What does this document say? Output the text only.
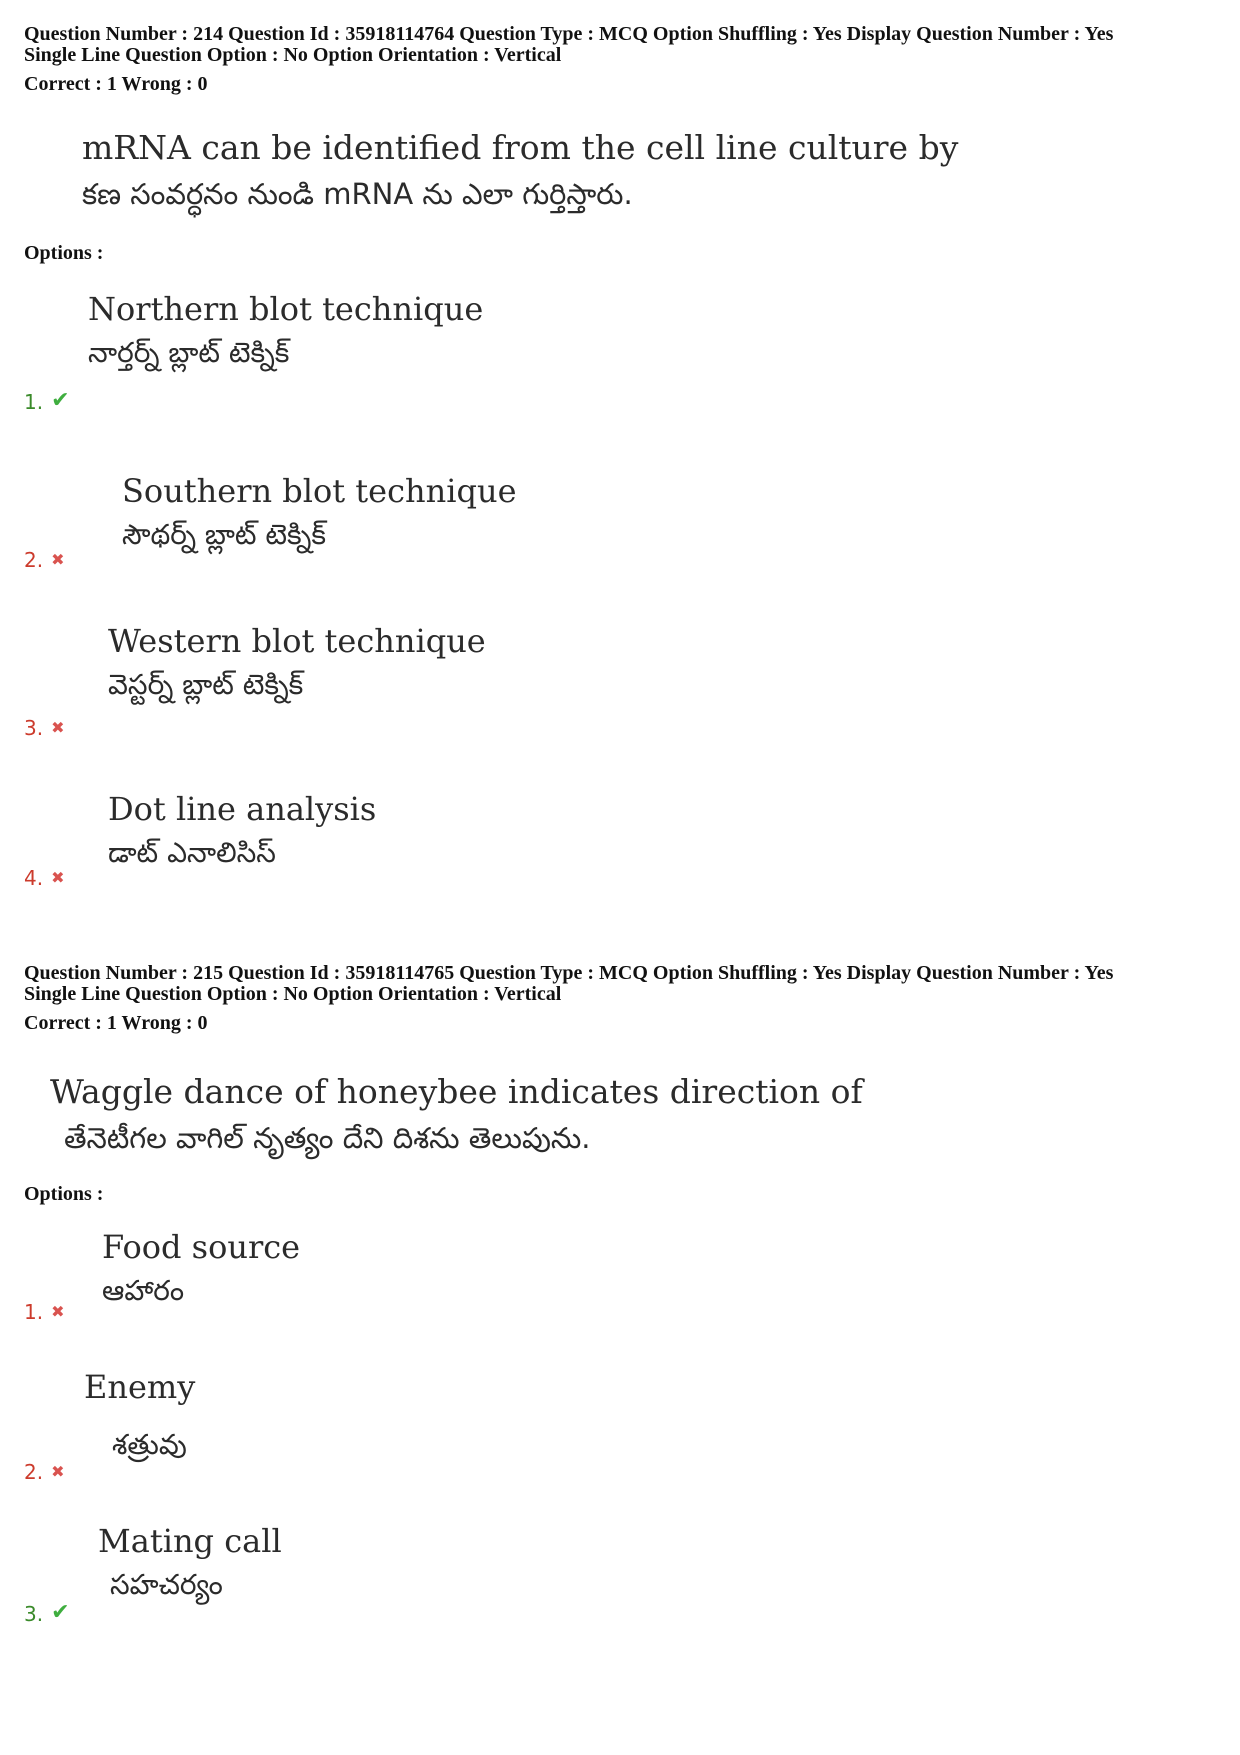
Question Number : 214 Question Id : 35918114764 Question Type : MCQ Option Shuffling : Yes Display Question Number : Yes
Single Line Question Option : No Option Orientation : Vertical
Correct : 1 Wrong : 0
mRNA can be identified from the cell line culture by
కణ సంవర్ధనం నుండి mRNA ను ఎలా గుర్తిస్తారు.
Options :
Northern blot technique
నార్తర్న్ బ్లాట్ టెక్నిక్
1. ✔
Southern blot technique
సౌథర్న్ బ్లాట్ టెక్నిక్
2. ✖
Western blot technique
వెస్టర్న్ బ్లాట్ టెక్నిక్
3. ✖
Dot line analysis
డాట్ ఎనాలిసిస్
4. ✖
Question Number : 215 Question Id : 35918114765 Question Type : MCQ Option Shuffling : Yes Display Question Number : Yes
Single Line Question Option : No Option Orientation : Vertical
Correct : 1 Wrong : 0
Waggle dance of honeybee indicates direction of
తేనెటీగల వాగిల్ నృత్యం దేని దిశను తెలుపును.
Options :
Food source
ఆహారం
1. ✖
Enemy
శత్రువు
2. ✖
Mating call
సహచర్యం
3. ✔
